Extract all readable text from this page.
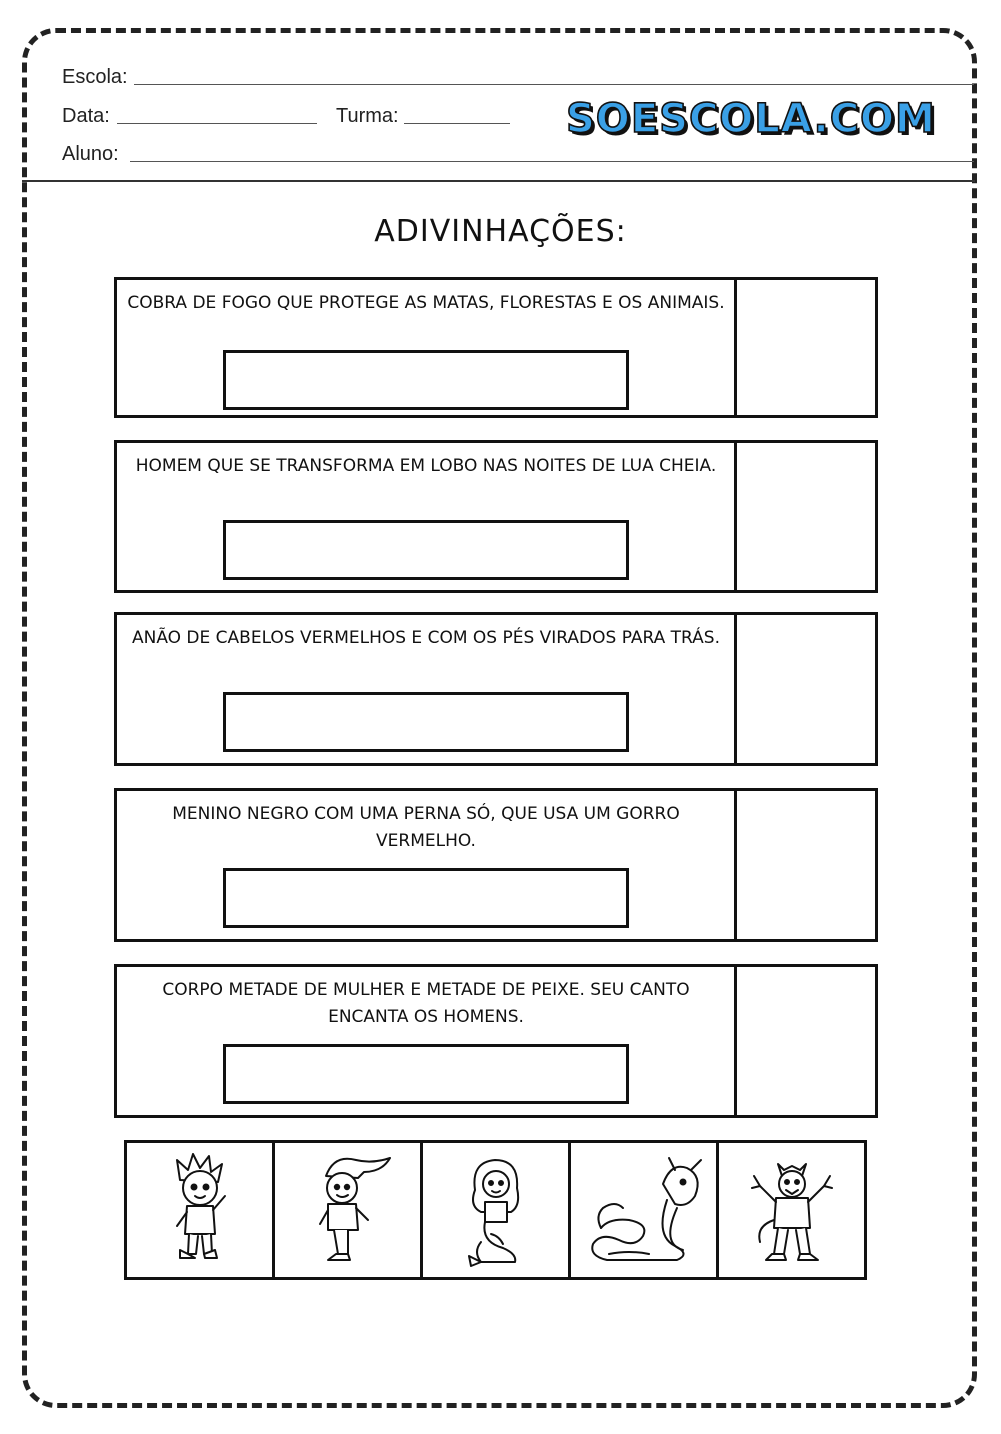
Escola:
Data:	Turma:
Aluno:
SOESCOLA.COM
ADIVINHAÇÕES:
COBRA DE FOGO QUE PROTEGE AS MATAS, FLORESTAS E OS ANIMAIS.
HOMEM QUE SE TRANSFORMA EM LOBO NAS NOITES DE LUA CHEIA.
ANÃO DE CABELOS VERMELHOS E COM OS PÉS VIRADOS PARA TRÁS.
MENINO NEGRO COM UMA PERNA SÓ, QUE USA UM GORRO VERMELHO.
CORPO METADE DE MULHER E METADE DE PEIXE. SEU CANTO ENCANTA OS HOMENS.
